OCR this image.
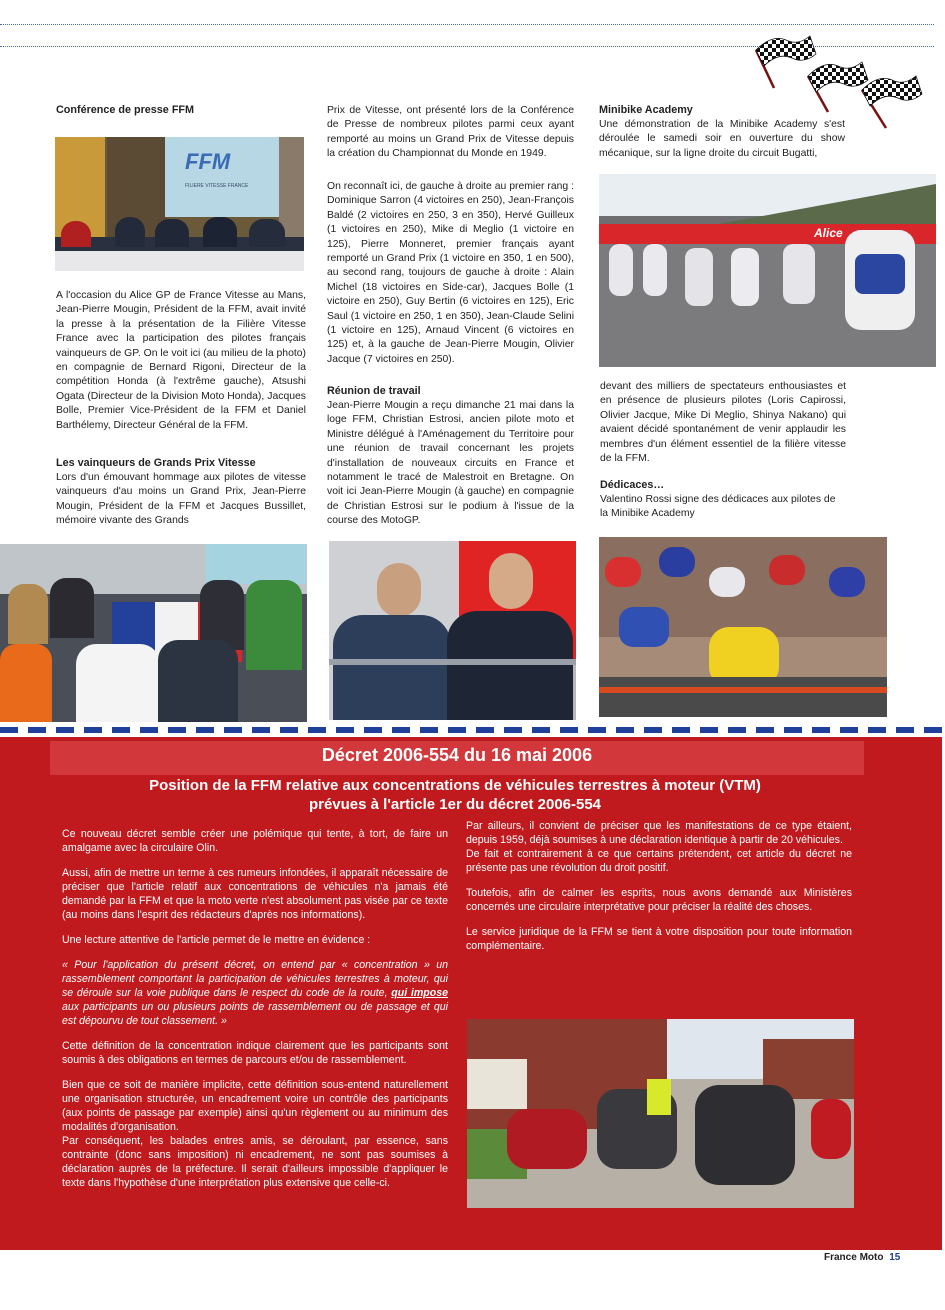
Conférence de presse FFM
FFM
FILIERE VITESSE FRANCE
A l'occasion du Alice GP de France Vitesse au Mans, Jean-Pierre Mougin, Président de la FFM, avait invité la presse à la présentation de la Filière Vitesse France avec la participation des pilotes français vainqueurs de GP. On le voit ici (au milieu de la photo) en compagnie de Bernard Rigoni, Directeur de la compétition Honda (à l'extrême gauche), Atsushi Ogata (Directeur de la Division Moto Honda), Jacques Bolle, Premier Vice-Président de la FFM et Daniel Barthélemy, Directeur Général de la FFM.
Les vainqueurs de Grands Prix Vitesse
Lors d'un émouvant hommage aux pilotes de vitesse vainqueurs d'au moins un Grand Prix, Jean-Pierre Mougin, Président de la FFM et Jacques Bussillet, mémoire vivante des Grands
Prix de Vitesse, ont présenté lors de la Conférence de Presse de nombreux pilotes parmi ceux ayant remporté au moins un Grand Prix de Vitesse depuis la création du Championnat du Monde en 1949.
On reconnaît ici, de gauche à droite au premier rang : Dominique Sarron (4 victoires en 250), Jean-François Baldé (2 victoires en 250, 3 en 350), Hervé Guilleux (1 victoires en 250), Mike di Meglio (1 victoire en 125), Pierre Monneret, premier français ayant remporté un Grand Prix (1 victoire en 350, 1 en 500), au second rang, toujours de gauche à droite : Alain Michel (18 victoires en Side-car), Jacques Bolle (1 victoire en 250), Guy Bertin (6 victoires en 125), Eric Saul (1 victoire en 250, 1 en 350), Jean-Claude Selini (1 victoire en 125), Arnaud Vincent (6 victoires en 125) et, à la gauche de Jean-Pierre Mougin, Olivier Jacque (7 victoires en 250).
Réunion de travail
Jean-Pierre Mougin a reçu dimanche 21 mai dans la loge FFM, Christian Estrosi, ancien pilote moto et Ministre délégué à l'Aménagement du Territoire pour une réunion de travail concernant les projets d'installation de nouveaux circuits en France et notamment le tracé de Malestroit en Bretagne. On voit ici Jean-Pierre Mougin (à gauche) en compagnie de Christian Estrosi sur le podium à l'issue de la course des MotoGP.
Minibike Academy
Une démonstration de la Minibike Academy s'est déroulée le samedi soir en ouverture du show mécanique, sur la ligne droite du circuit Bugatti,
Alice
devant des milliers de spectateurs enthousiastes et en présence de plusieurs pilotes (Loris Capirossi, Olivier Jacque, Mike Di Meglio, Shinya Nakano) qui avaient décidé spontanément de venir applaudir les membres d'un élément essentiel de la filière vitesse de la FFM.
Dédicaces…
Valentino Rossi signe des dédicaces aux pilotes de la Minibike Academy
Décret 2006-554 du 16 mai 2006
Position de la FFM relative aux concentrations de véhicules terrestres à moteur (VTM)
prévues à l'article 1er du décret 2006-554

Ce nouveau décret semble créer une polémique qui tente, à tort, de faire un amalgame avec la circulaire Olin.

Aussi, afin de mettre un terme à ces rumeurs infondées, il apparaît nécessaire de préciser que l'article relatif aux concentrations de véhicules n'a jamais été demandé par la FFM et que la moto verte n'est absolument pas visée par ce texte (au moins dans l'esprit des rédacteurs d'après nos informations).

Une lecture attentive de l'article permet de le mettre en évidence :

« Pour l'application du présent décret, on entend par « concentration » un rassemblement comportant la participation de véhicules terrestres à moteur, qui se déroule sur la voie publique dans le respect du code de la route, qui impose aux participants un ou plusieurs points de rassemblement ou de passage et qui est dépourvu de tout classement. »

Cette définition de la concentration indique clairement que les participants sont soumis à des obligations en termes de parcours et/ou de rassemblement.

Bien que ce soit de manière implicite, cette définition sous-entend naturellement une organisation structurée, un encadrement voire un contrôle des participants (aux points de passage par exemple) ainsi qu'un règlement ou au minimum des modalités d'organisation.

Par conséquent, les balades entres amis, se déroulant, par essence, sans contrainte (donc sans imposition) ni encadrement, ne sont pas soumises à déclaration auprès de la préfecture. Il serait d'ailleurs impossible d'appliquer le texte dans l'hypothèse d'une interprétation plus extensive que celle-ci.

Par ailleurs, il convient de préciser que les manifestations de ce type étaient, depuis 1959, déjà soumises à une déclaration identique à partir de 20 véhicules.

De fait et contrairement à ce que certains prétendent, cet article du décret ne présente pas une révolution du droit positif.

Toutefois, afin de calmer les esprits, nous avons demandé aux Ministères concernés une circulaire interprétative pour préciser la réalité des choses.

Le service juridique de la FFM se tient à votre disposition pour toute information complémentaire.

France Moto 15
